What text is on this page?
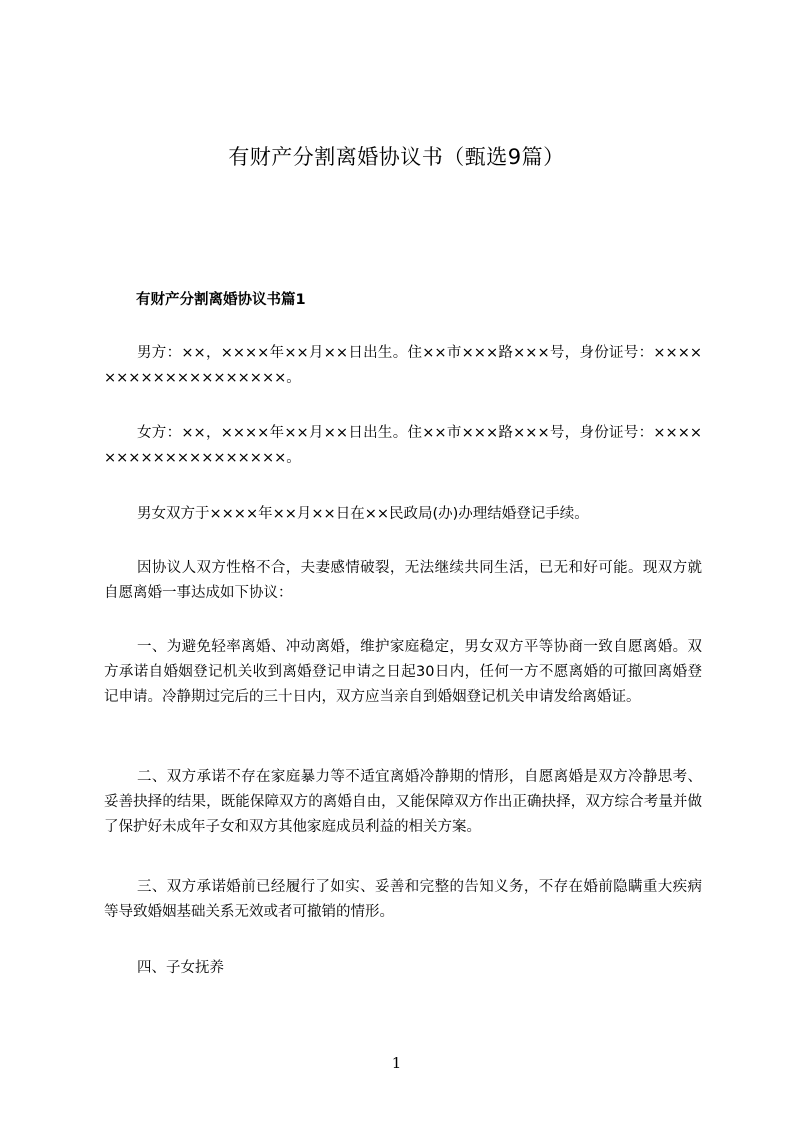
有财产分割离婚协议书（甄选9篇）
有财产分割离婚协议书篇1

男方：××，××××年××月××日出生。住××市×××路×××号，身份证号：×××××××××××××××××××。

女方：××，××××年××月××日出生。住××市×××路×××号，身份证号：×××××××××××××××××××。

男女双方于××××年××月××日在××民政局(办)办理结婚登记手续。

因协议人双方性格不合，夫妻感情破裂，无法继续共同生活，已无和好可能。现双方就自愿离婚一事达成如下协议：

一、为避免轻率离婚、冲动离婚，维护家庭稳定，男女双方平等协商一致自愿离婚。双方承诺自婚姻登记机关收到离婚登记申请之日起30日内，任何一方不愿离婚的可撤回离婚登记申请。冷静期过完后的三十日内，双方应当亲自到婚姻登记机关申请发给离婚证。

二、双方承诺不存在家庭暴力等不适宜离婚冷静期的情形，自愿离婚是双方冷静思考、妥善抉择的结果，既能保障双方的离婚自由，又能保障双方作出正确抉择，双方综合考量并做了保护好未成年子女和双方其他家庭成员利益的相关方案。

三、双方承诺婚前已经履行了如实、妥善和完整的告知义务，不存在婚前隐瞒重大疾病等导致婚姻基础关系无效或者可撤销的情形。

四、子女抚养

1
